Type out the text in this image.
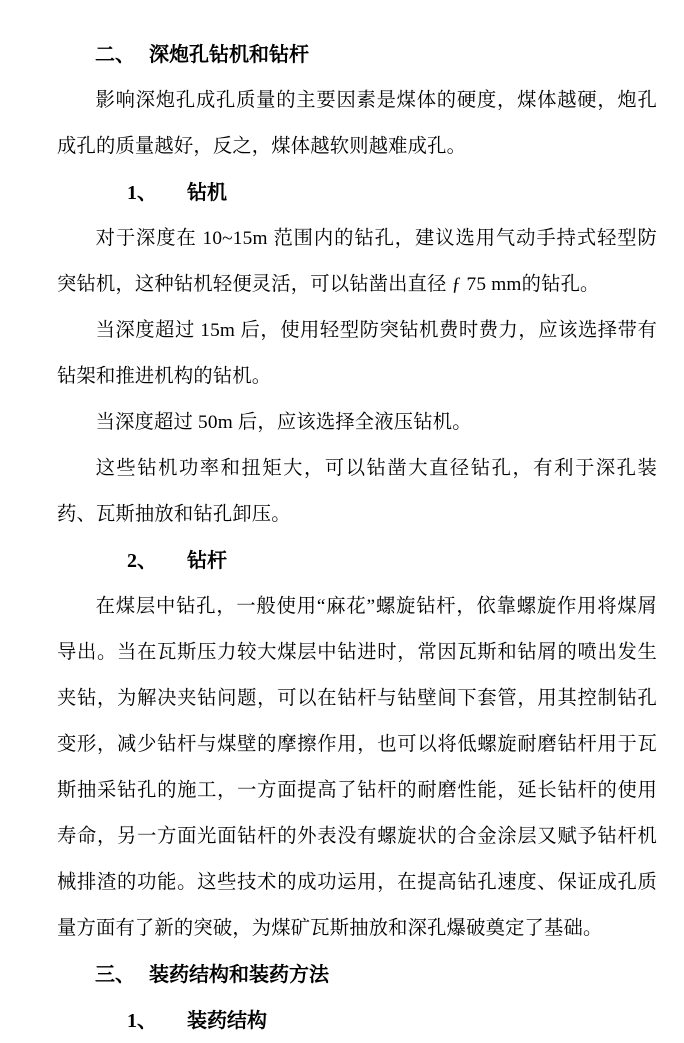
二、 深炮孔钻机和钻杆

影响深炮孔成孔质量的主要因素是煤体的硬度，煤体越硬，炮孔成孔的质量越好，反之，煤体越软则越难成孔。

1、 钻机

对于深度在 10~15m 范围内的钻孔，建议选用气动手持式轻型防突钻机，这种钻机轻便灵活，可以钻凿出直径 ƒ 75 mm的钻孔。

当深度超过 15m 后，使用轻型防突钻机费时费力，应该选择带有钻架和推进机构的钻机。

当深度超过 50m 后，应该选择全液压钻机。

这些钻机功率和扭矩大，可以钻凿大直径钻孔，有利于深孔装药、瓦斯抽放和钻孔卸压。

2、 钻杆

在煤层中钻孔，一般使用“麻花”螺旋钻杆，依靠螺旋作用将煤屑导出。当在瓦斯压力较大煤层中钻进时，常因瓦斯和钻屑的喷出发生夹钻，为解决夹钻问题，可以在钻杆与钻壁间下套管，用其控制钻孔变形，减少钻杆与煤壁的摩擦作用，也可以将低螺旋耐磨钻杆用于瓦斯抽采钻孔的施工，一方面提高了钻杆的耐磨性能，延长钻杆的使用寿命，另一方面光面钻杆的外表没有螺旋状的合金涂层又赋予钻杆机械排渣的功能。这些技术的成功运用，在提高钻孔速度、保证成孔质量方面有了新的突破，为煤矿瓦斯抽放和深孔爆破奠定了基础。

三、 装药结构和装药方法
1、 装药结构
